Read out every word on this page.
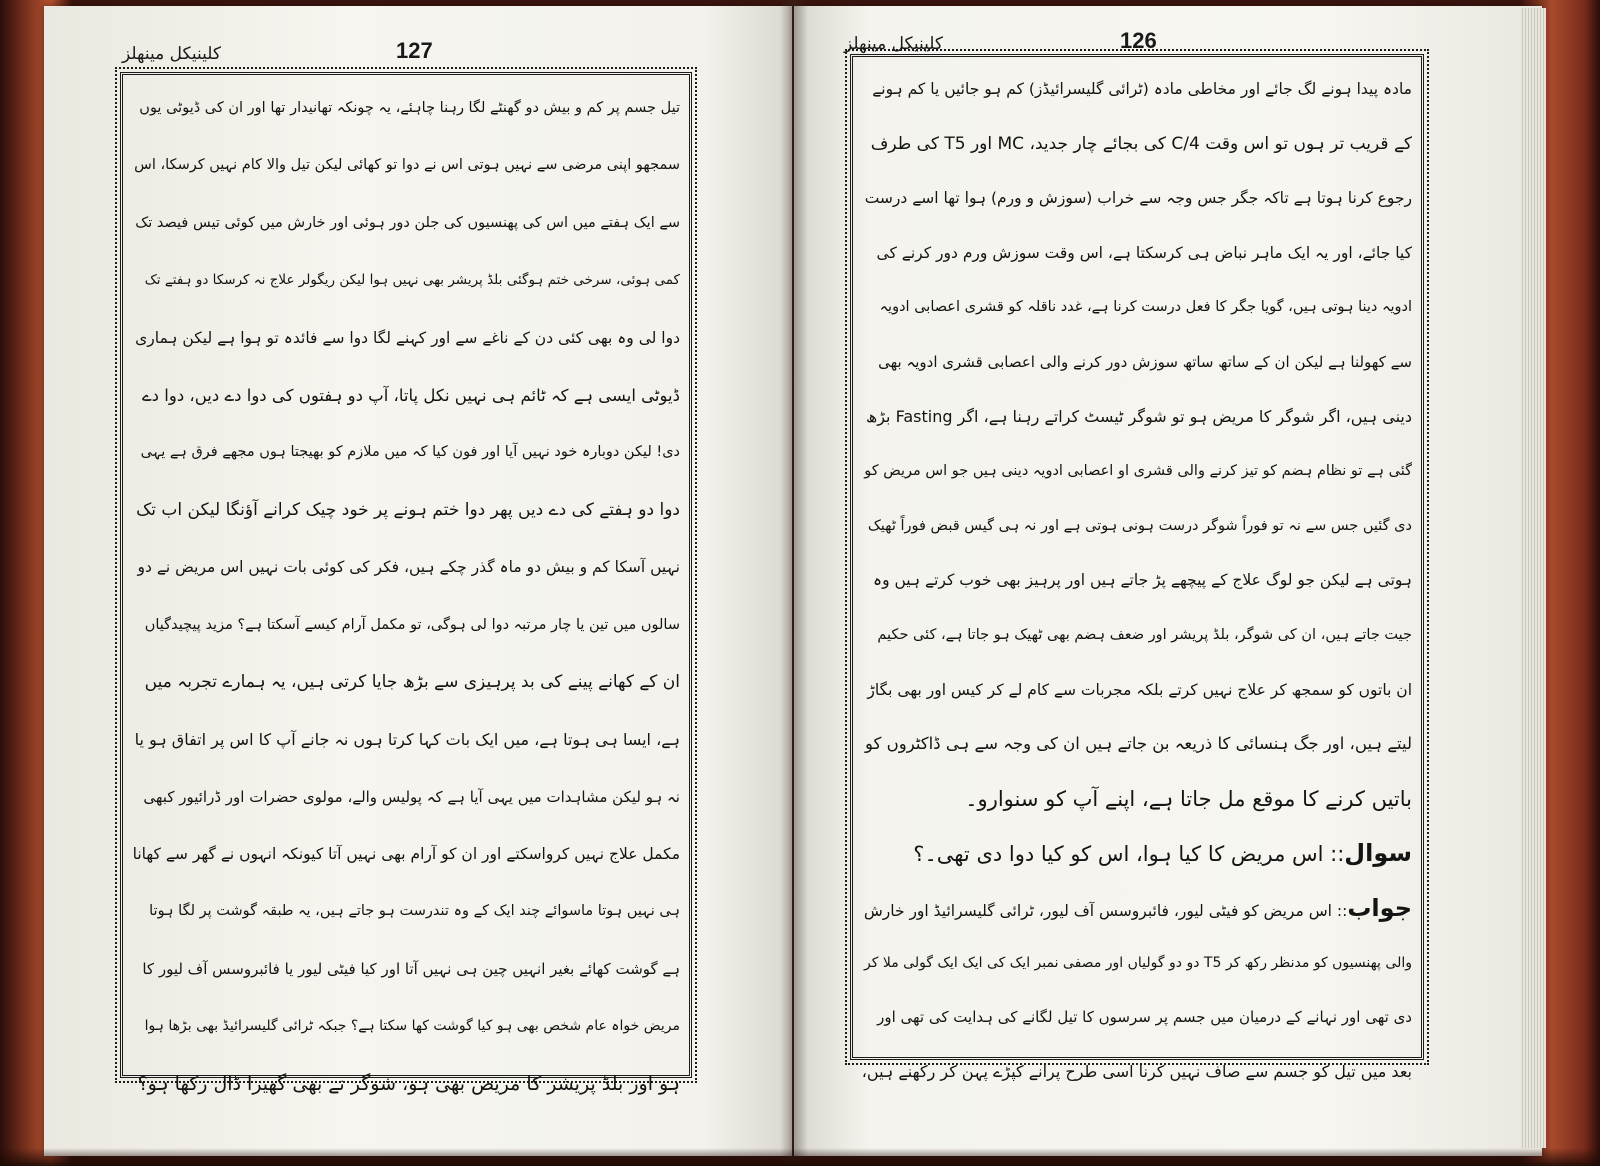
کلینیکل مینھلز	127
تیل جسم پر کم و بیش دو گھنٹے لگا رہنا چاہئے، یہ چونکہ تھانیدار تھا اور ان کی ڈیوٹی یوں
سمجھو اپنی مرضی سے نہیں ہوتی اس نے دوا تو کھائی لیکن تیل والا کام نہیں کرسکا، اس
سے ایک ہفتے میں اس کی پھنسیوں کی جلن دور ہوئی اور خارش میں کوئی تیس فیصد تک
کمی ہوئی، سرخی ختم ہوگئی بلڈ پریشر بھی نہیں ہوا لیکن ریگولر علاج نہ کرسکا دو ہفتے تک
دوا لی وہ بھی کئی دن کے ناغے سے اور کہنے لگا دوا سے فائدہ تو ہوا ہے لیکن ہماری
ڈیوٹی ایسی ہے کہ ٹائم ہی نہیں نکل پاتا، آپ دو ہفتوں کی دوا دے دیں، دوا دے
دی! لیکن دوبارہ خود نہیں آیا اور فون کیا کہ میں ملازم کو بھیجتا ہوں مجھے فرق ہے یہی
دوا دو ہفتے کی دے دیں پھر دوا ختم ہونے پر خود چیک کرانے آؤنگا لیکن اب تک
نہیں آسکا کم و بیش دو ماہ گذر چکے ہیں، فکر کی کوئی بات نہیں اس مریض نے دو
سالوں میں تین یا چار مرتبہ دوا لی ہوگی، تو مکمل آرام کیسے آسکتا ہے؟ مزید پیچیدگیاں
ان کے کھانے پینے کی بد پرہیزی سے بڑھ جایا کرتی ہیں، یہ ہمارے تجربہ میں
ہے، ایسا ہی ہوتا ہے، میں ایک بات کہا کرتا ہوں نہ جانے آپ کا اس پر اتفاق ہو یا
نہ ہو لیکن مشاہدات میں یہی آیا ہے کہ پولیس والے، مولوی حضرات اور ڈرائیور کبھی
مکمل علاج نہیں کرواسکتے اور ان کو آرام بھی نہیں آتا کیونکہ انہوں نے گھر سے کھانا
ہی نہیں ہوتا ماسوائے چند ایک کے وہ تندرست ہو جاتے ہیں، یہ طبقہ گوشت پر لگا ہوتا
ہے گوشت کھائے بغیر انہیں چین ہی نہیں آتا اور کیا فیٹی لیور یا فائبروسس آف لیور کا
مریض خواہ عام شخص بھی ہو کیا گوشت کھا سکتا ہے؟ جبکہ ٹرائی گلیسرائیڈ بھی بڑھا ہوا
ہو اور بلڈ پریشر کا مریض بھی ہو، شوگر نے بھی گھیرا ڈال رکھا ہو؟
کلینیکل مینھلز	126
مادہ پیدا ہونے لگ جائے اور مخاطی مادہ (ٹرائی گلیسرائیڈز) کم ہو جائیں یا کم ہونے
کے قریب تر ہوں تو اس وقت C/4 کی بجائے چار جدید، MC اور T5 کی طرف
رجوع کرنا ہوتا ہے تاکہ جگر جس وجہ سے خراب (سوزش و ورم) ہوا تھا اسے درست
کیا جائے، اور یہ ایک ماہر نباض ہی کرسکتا ہے، اس وقت سوزش ورم دور کرنے کی
ادویہ دینا ہوتی ہیں، گویا جگر کا فعل درست کرنا ہے، غدد ناقلہ کو قشری اعصابی ادویہ
سے کھولنا ہے لیکن ان کے ساتھ ساتھ سوزش دور کرنے والی اعصابی قشری ادویہ بھی
دینی ہیں، اگر شوگر کا مریض ہو تو شوگر ٹیسٹ کراتے رہنا ہے، اگر Fasting بڑھ
گئی ہے تو نظام ہضم کو تیز کرنے والی قشری او اعصابی ادویہ دینی ہیں جو اس مریض کو
دی گئیں جس سے نہ تو فوراً شوگر درست ہونی ہوتی ہے اور نہ ہی گیس قبض فوراً ٹھیک
ہوتی ہے لیکن جو لوگ علاج کے پیچھے پڑ جاتے ہیں اور پرہیز بھی خوب کرتے ہیں وہ
جیت جاتے ہیں، ان کی شوگر، بلڈ پریشر اور ضعف ہضم بھی ٹھیک ہو جاتا ہے، کئی حکیم
ان باتوں کو سمجھ کر علاج نہیں کرتے بلکہ مجربات سے کام لے کر کیس اور بھی بگاڑ
لیتے ہیں، اور جگ ہنسائی کا ذریعہ بن جاتے ہیں ان کی وجہ سے ہی ڈاکٹروں کو
باتیں کرنے کا موقع مل جاتا ہے، اپنے آپ کو سنوارو۔
سوال:: اس مریض کا کیا ہوا، اس کو کیا دوا دی تھی۔؟
جواب:: اس مریض کو فیٹی لیور، فائبروسس آف لیور، ٹرائی گلیسرائیڈ اور خارش
والی پھنسیوں کو مدنظر رکھ کر T5 دو دو گولیاں اور مصفی نمبر ایک کی ایک ایک گولی ملا کر
دی تھی اور نہانے کے درمیان میں جسم پر سرسوں کا تیل لگانے کی ہدایت کی تھی اور
بعد میں تیل کو جسم سے صاف نہیں کرنا اسی طرح پرانے کپڑے پہن کر رکھنے ہیں،
